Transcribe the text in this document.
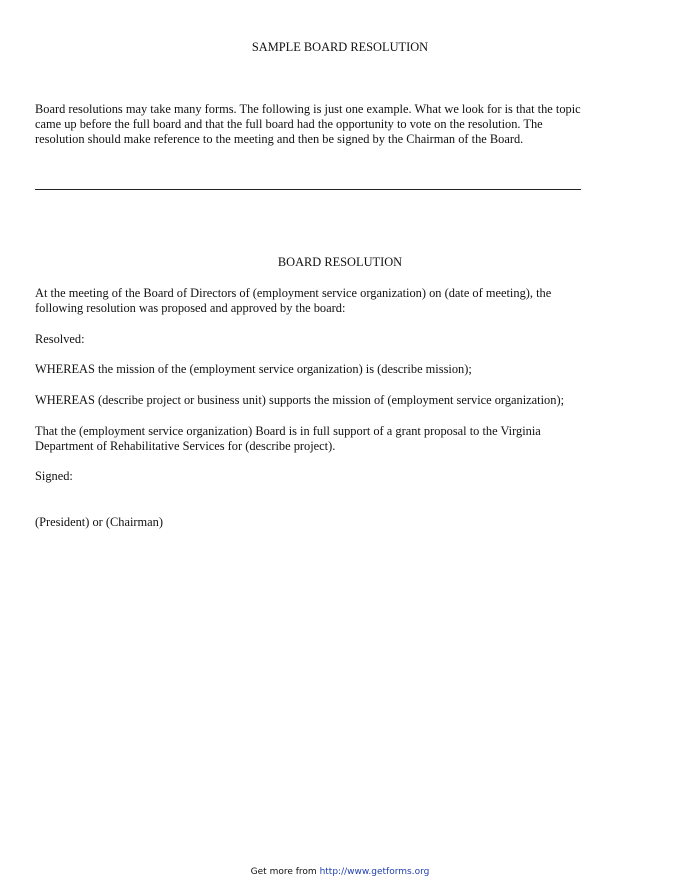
SAMPLE BOARD RESOLUTION
Board resolutions may take many forms. The following is just one example. What we look for is that the topic
came up before the full board and that the full board had the opportunity to vote on the resolution. The
resolution should make reference to the meeting and then be signed by the Chairman of the Board.
BOARD RESOLUTION
At the meeting of the Board of Directors of (employment service organization) on (date of meeting), the
following resolution was proposed and approved by the board:
Resolved:
WHEREAS the mission of the (employment service organization) is (describe mission);
WHEREAS (describe project or business unit) supports the mission of (employment service organization);
That the (employment service organization) Board is in full support of a grant proposal to the Virginia
Department of Rehabilitative Services for (describe project).
Signed:
(President) or (Chairman)
Get more from http://www.getforms.org
